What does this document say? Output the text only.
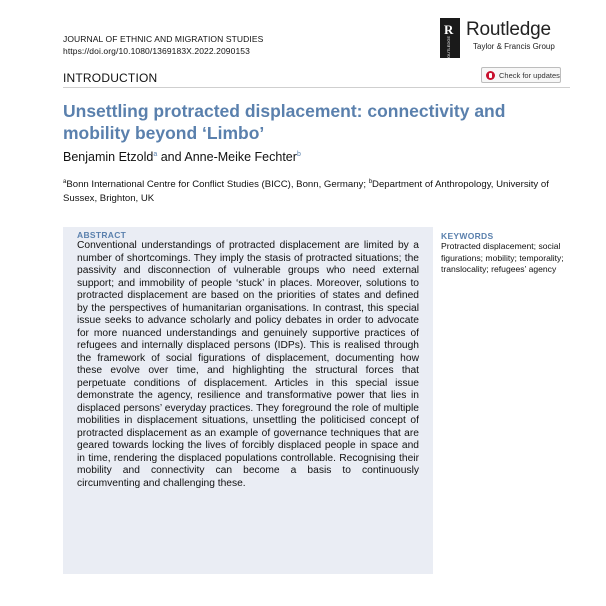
JOURNAL OF ETHNIC AND MIGRATION STUDIES
https://doi.org/10.1080/1369183X.2022.2090153
R
ROUTLEDGE
Routledge
Taylor & Francis Group
INTRODUCTION	Check for updates
Unsettling protracted displacement: connectivity and mobility beyond ‘Limbo’
Benjamin Etzold$^a$ and Anne-Meike Fechter$^b$
$^a$Bonn International Centre for Conflict Studies (BICC), Bonn, Germany; $^b$Department of Anthropology, University of Sussex, Brighton, UK
ABSTRACT
Conventional understandings of protracted displacement are limited by a number of shortcomings. They imply the stasis of protracted situations; the passivity and disconnection of vulnerable groups who need external support; and immobility of people ‘stuck’ in places. Moreover, solutions to protracted displacement are based on the priorities of states and defined by the perspectives of humanitarian organisations. In contrast, this special issue seeks to advance scholarly and policy debates in order to advocate for more nuanced understandings and genuinely supportive practices of refugees and internally displaced persons (IDPs). This is realised through the framework of social figurations of displacement, documenting how these evolve over time, and highlighting the structural forces that perpetuate conditions of displacement. Articles in this special issue demonstrate the agency, resilience and transformative power that lies in displaced persons’ everyday practices. They foreground the role of multiple mobilities in displacement situations, unsettling the politicised concept of protracted displacement as an example of governance techniques that are geared towards locking the lives of forcibly displaced people in space and in time, rendering the displaced populations controllable. Recognising their mobility and connectivity can become a basis to continuously circumventing and challenging these.
KEYWORDS
Protracted displacement; social figurations; mobility; temporality; translocality; refugees’ agency
